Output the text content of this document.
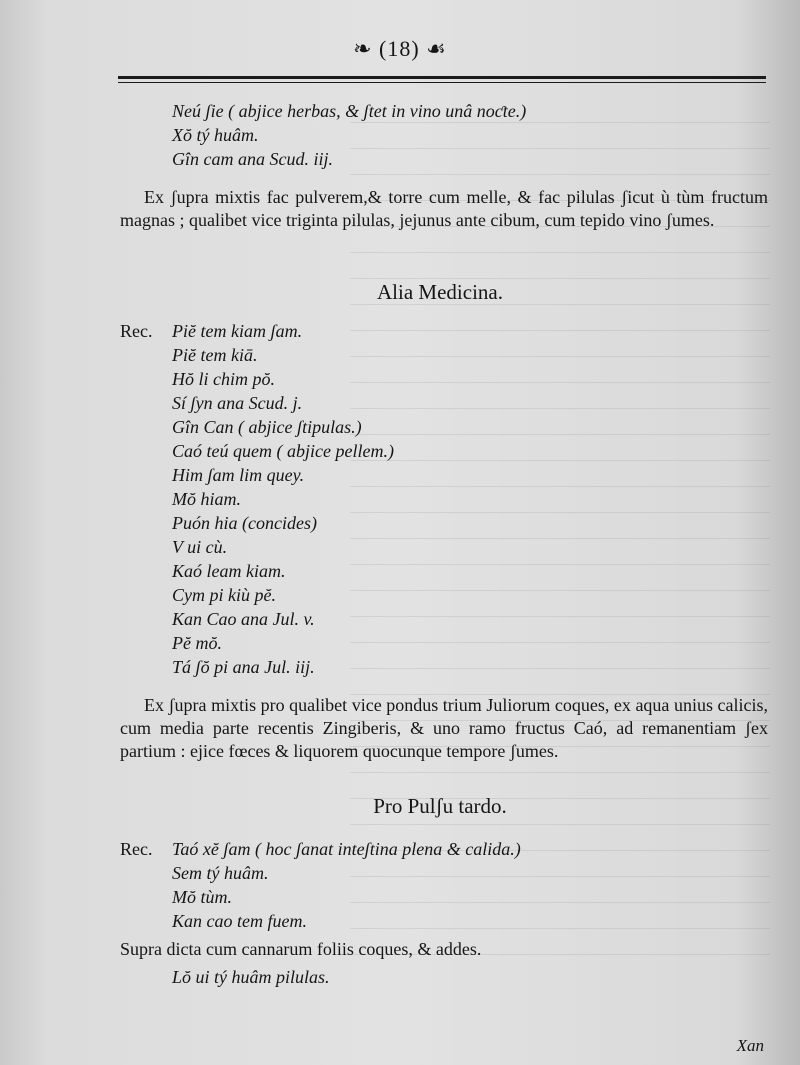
❧ (18) ☙
Neú ʃie ( abjice herbas, & ʃtet in vino unâ noƈte.)
Xŏ tý huâm.
Gîn cam ana Scud. iij.
Ex ʃupra mixtis fac pulverem,& torre cum melle, & fac pilulas ʃicut ù tùm fructum magnas ; qualibet vice triginta pilulas, jejunus ante cibum, cum tepido vino ʃumes.
Alia Medicina.
Rec. Piĕ tem kiam ʃam.
Piĕ tem kiā.
Hŏ li chim pŏ.
Sí ʃyn ana Scud. j.
Gîn Can ( abjice ʃtipulas.)
Caó teú quem ( abjice pellem.)
Him ʃam lim quey.
Mŏ hiam.
Puón hia (concides)
V ui cù.
Kaó leam kiam.
Cym pi kiù pĕ.
Kan Cao ana Jul. v.
Pĕ mŏ.
Tá ʃŏ pi ana Jul. iij.
Ex ʃupra mixtis pro qualibet vice pondus trium Juliorum coques, ex aqua unius calicis, cum media parte recentis Zingiberis, & uno ramo fructus Caó, ad remanentiam ʃex partium : ejice fœces & liquorem quocunque tempore ʃumes.
Pro Pulʃu tardo.
Rec. Taó xĕ ʃam ( hoc ʃanat inteʃtina plena & calida.)
Sem tý huâm.
Mŏ tùm.
Kan cao tem fuem.
Supra dicta cum cannarum foliis coques, & addes.
Lŏ ui tý huâm pilulas.
Xan
